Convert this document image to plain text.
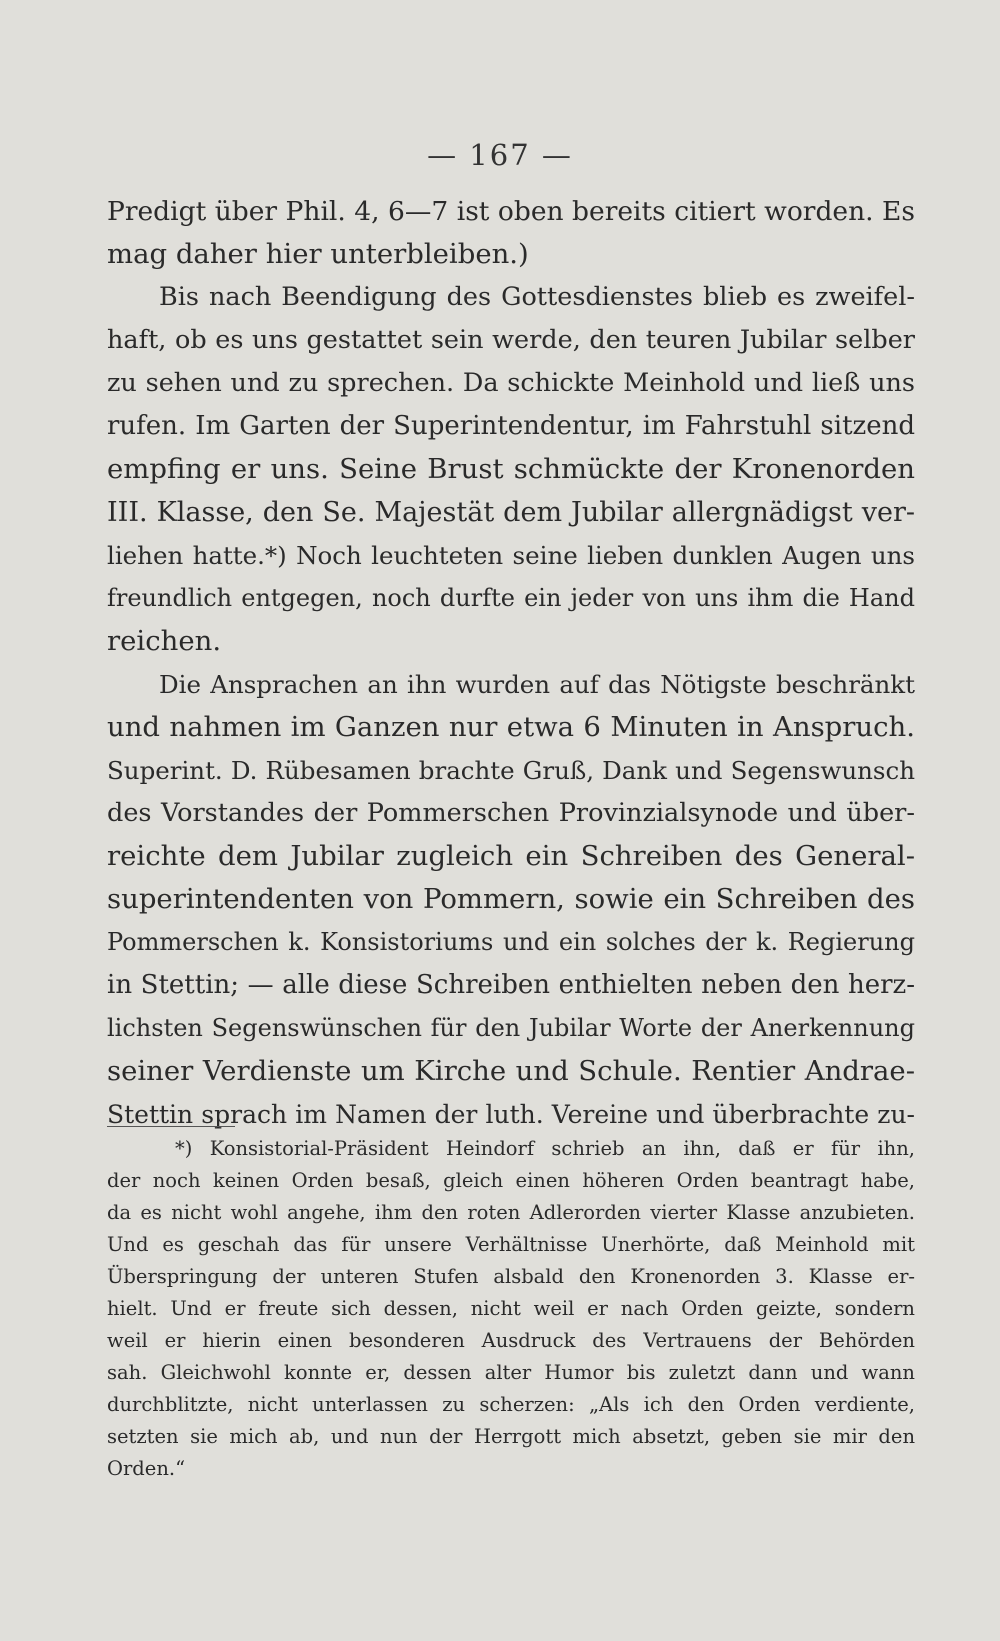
— 167 —
Predigt über Phil. 4, 6—7 ist oben bereits citiert worden. Es
mag daher hier unterbleiben.)
Bis nach Beendigung des Gottesdienstes blieb es zweifel-
haft, ob es uns gestattet sein werde, den teuren Jubilar selber
zu sehen und zu sprechen. Da schickte Meinhold und ließ uns
rufen. Im Garten der Superintendentur, im Fahrstuhl sitzend
empfing er uns. Seine Brust schmückte der Kronenorden
III. Klasse, den Se. Majestät dem Jubilar allergnädigst ver-
liehen hatte.*) Noch leuchteten seine lieben dunklen Augen uns
freundlich entgegen, noch durfte ein jeder von uns ihm die Hand
reichen.
Die Ansprachen an ihn wurden auf das Nötigste beschränkt
und nahmen im Ganzen nur etwa 6 Minuten in Anspruch.
Superint. D. Rübesamen brachte Gruß, Dank und Segenswunsch
des Vorstandes der Pommerschen Provinzialsynode und über-
reichte dem Jubilar zugleich ein Schreiben des General-
superintendenten von Pommern, sowie ein Schreiben des
Pommerschen k. Konsistoriums und ein solches der k. Regierung
in Stettin; — alle diese Schreiben enthielten neben den herz-
lichsten Segenswünschen für den Jubilar Worte der Anerkennung
seiner Verdienste um Kirche und Schule. Rentier Andrae-
Stettin sprach im Namen der luth. Vereine und überbrachte zu-
*) Konsistorial-Präsident Heindorf schrieb an ihn, daß er für ihn,
der noch keinen Orden besaß, gleich einen höheren Orden beantragt habe,
da es nicht wohl angehe, ihm den roten Adlerorden vierter Klasse anzubieten.
Und es geschah das für unsere Verhältnisse Unerhörte, daß Meinhold mit
Überspringung der unteren Stufen alsbald den Kronenorden 3. Klasse er-
hielt. Und er freute sich dessen, nicht weil er nach Orden geizte, sondern
weil er hierin einen besonderen Ausdruck des Vertrauens der Behörden
sah. Gleichwohl konnte er, dessen alter Humor bis zuletzt dann und wann
durchblitzte, nicht unterlassen zu scherzen: „Als ich den Orden verdiente,
setzten sie mich ab, und nun der Herrgott mich absetzt, geben sie mir den
Orden.“
